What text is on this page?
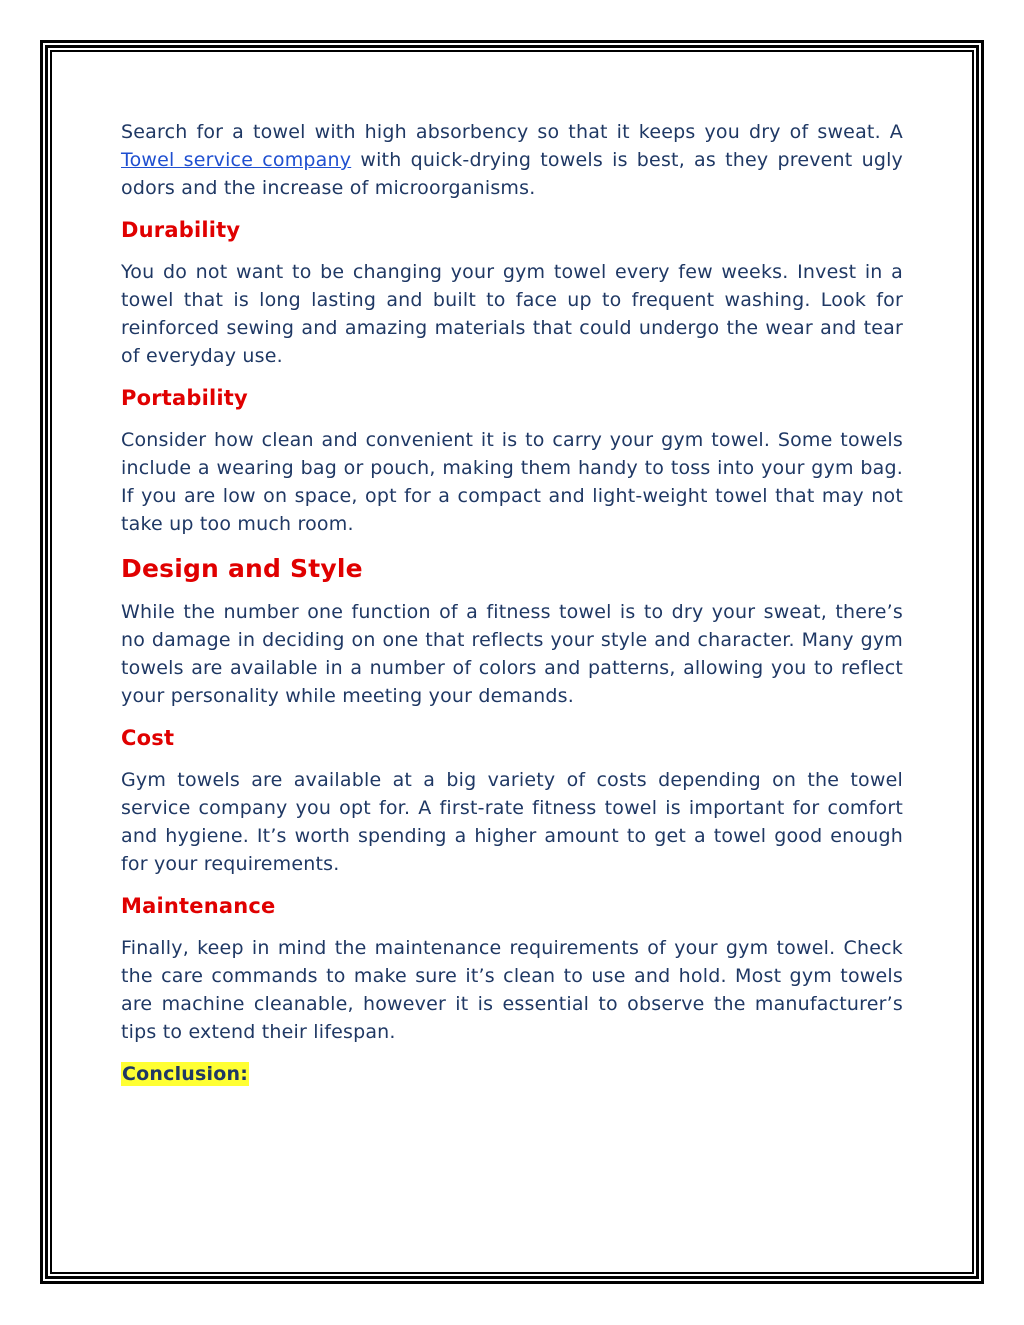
Search for a towel with high absorbency so that it keeps you dry of sweat. A Towel service company with quick-drying towels is best, as they prevent ugly odors and the increase of microorganisms.

Durability

You do not want to be changing your gym towel every few weeks. Invest in a towel that is long lasting and built to face up to frequent washing. Look for reinforced sewing and amazing materials that could undergo the wear and tear of everyday use.

Portability

Consider how clean and convenient it is to carry your gym towel. Some towels include a wearing bag or pouch, making them handy to toss into your gym bag. If you are low on space, opt for a compact and light-weight towel that may not take up too much room.

Design and Style

While the number one function of a fitness towel is to dry your sweat, there’s no damage in deciding on one that reflects your style and character. Many gym towels are available in a number of colors and patterns, allowing you to reflect your personality while meeting your demands.

Cost

Gym towels are available at a big variety of costs depending on the towel service company you opt for. A first-rate fitness towel is important for comfort and hygiene. It’s worth spending a higher amount to get a towel good enough for your requirements.

Maintenance

Finally, keep in mind the maintenance requirements of your gym towel. Check the care commands to make sure it’s clean to use and hold. Most gym towels are machine cleanable, however it is essential to observe the manufacturer’s tips to extend their lifespan.

Conclusion:
